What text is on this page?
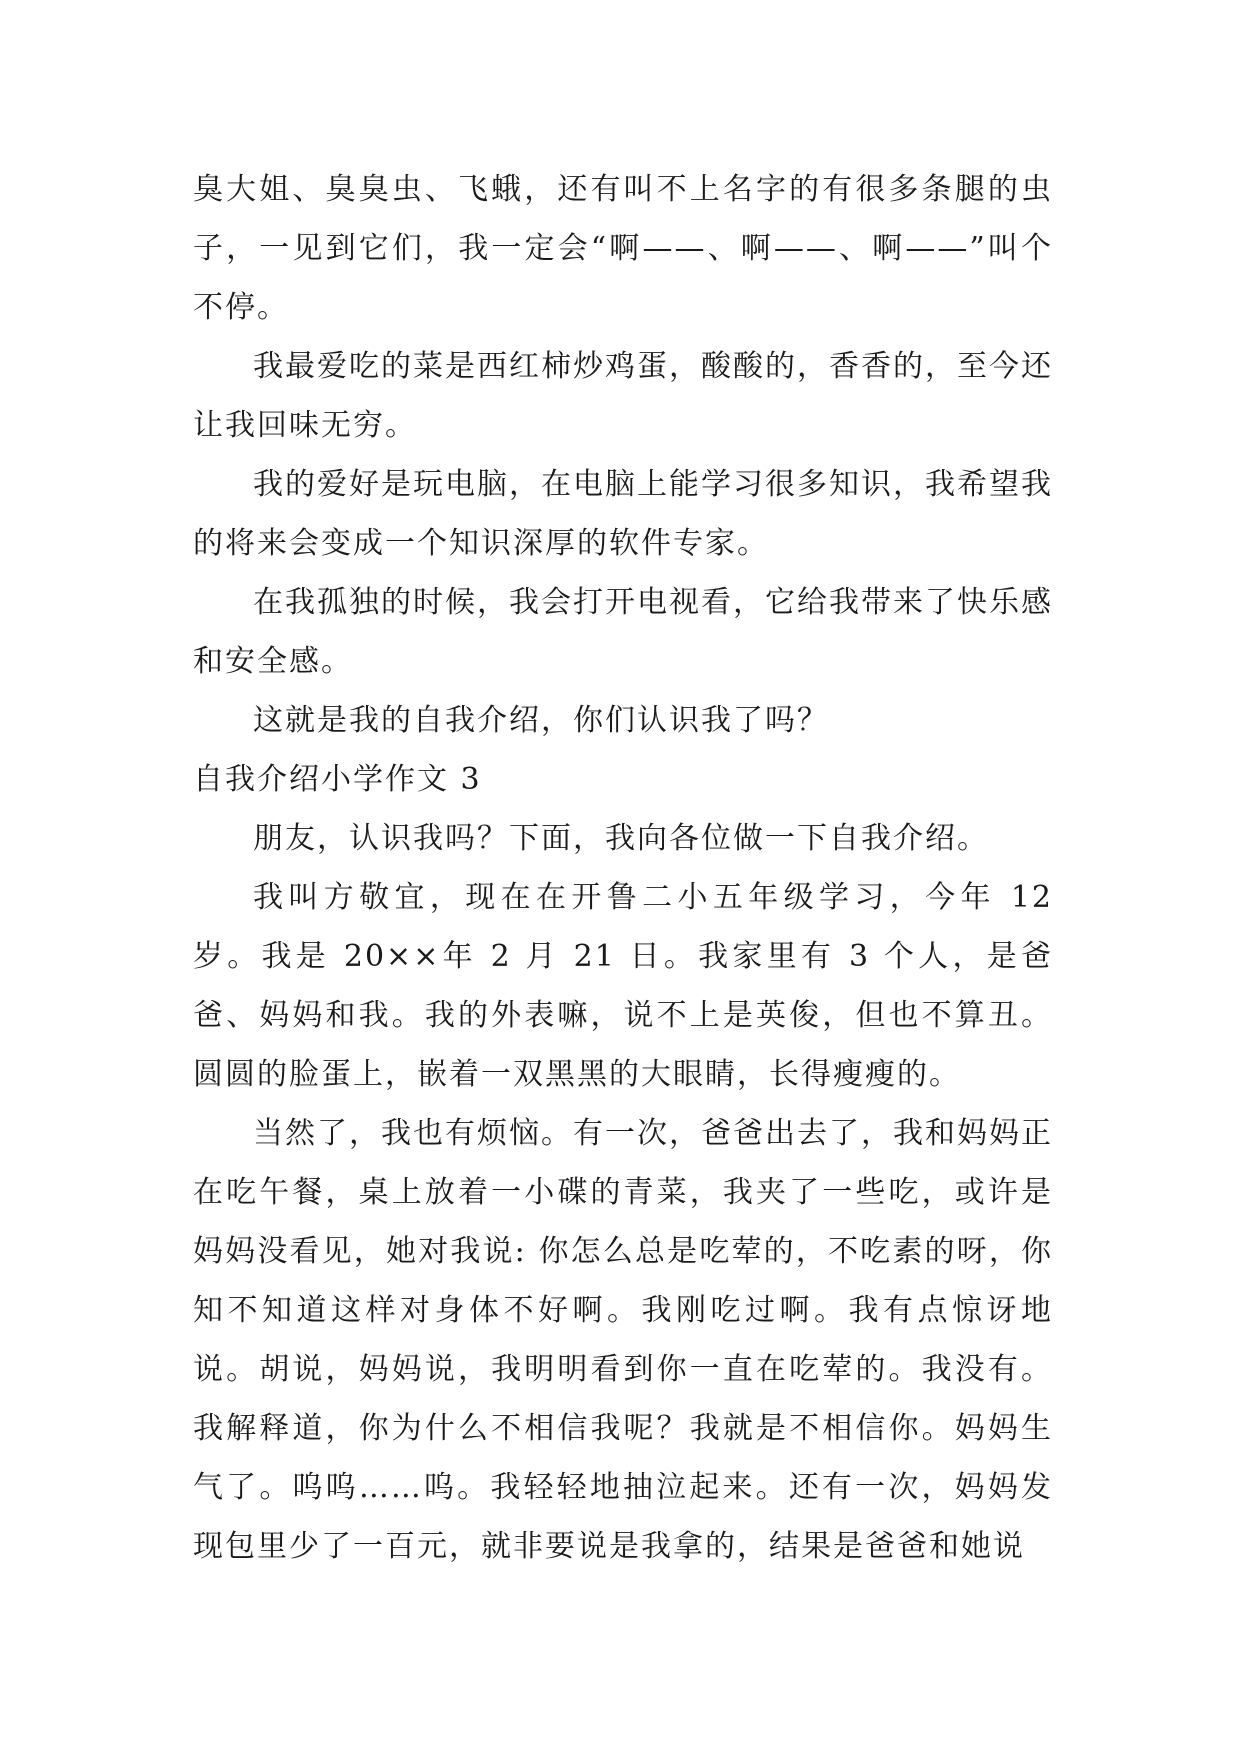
臭大姐、臭臭虫、飞蛾，还有叫不上名字的有很多条腿的虫子，一见到它们，我一定会“啊——、啊——、啊——”叫个不停。

我最爱吃的菜是西红柿炒鸡蛋，酸酸的，香香的，至今还让我回味无穷。

我的爱好是玩电脑，在电脑上能学习很多知识，我希望我的将来会变成一个知识深厚的软件专家。

在我孤独的时候，我会打开电视看，它给我带来了快乐感和安全感。

这就是我的自我介绍，你们认识我了吗？

自我介绍小学作文 3

朋友，认识我吗？下面，我向各位做一下自我介绍。

我叫方敬宜，现在在开鲁二小五年级学习，今年 12 岁。我是 20××年 2 月 21 日。我家里有 3 个人，是爸爸、妈妈和我。我的外表嘛，说不上是英俊，但也不算丑。圆圆的脸蛋上，嵌着一双黑黑的大眼睛，长得瘦瘦的。

当然了，我也有烦恼。有一次，爸爸出去了，我和妈妈正在吃午餐，桌上放着一小碟的青菜，我夹了一些吃，或许是妈妈没看见，她对我说: 你怎么总是吃荤的，不吃素的呀，你知不知道这样对身体不好啊。我刚吃过啊。我有点惊讶地说。胡说，妈妈说，我明明看到你一直在吃荤的。我没有。我解释道，你为什么不相信我呢？我就是不相信你。妈妈生气了。呜呜……呜。我轻轻地抽泣起来。还有一次，妈妈发现包里少了一百元，就非要说是我拿的，结果是爸爸和她说
